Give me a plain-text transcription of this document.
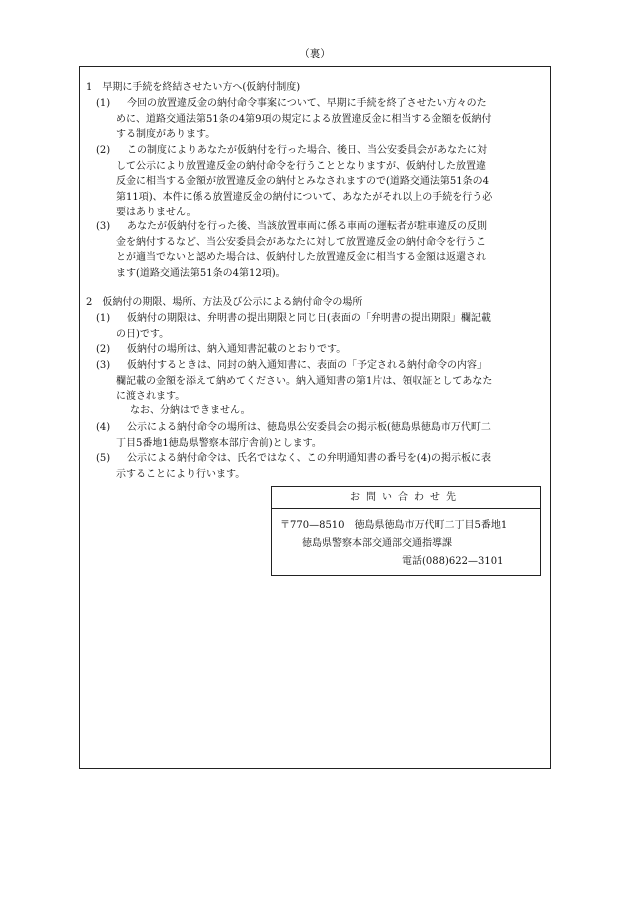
（裏）
1　早期に手続を終結させたい方へ(仮納付制度)
(1)	今回の放置違反金の納付命令事案について、早期に手続を終了させたい方々のた
めに、道路交通法第51条の4第9項の規定による放置違反金に相当する金額を仮納付
する制度があります。
(2)	この制度によりあなたが仮納付を行った場合、後日、当公安委員会があなたに対
して公示により放置違反金の納付命令を行うこととなりますが、仮納付した放置違
反金に相当する金額が放置違反金の納付とみなされますので(道路交通法第51条の4
第11項)、本件に係る放置違反金の納付について、あなたがそれ以上の手続を行う必
要はありません。
(3)	あなたが仮納付を行った後、当該放置車両に係る車両の運転者が駐車違反の反則
金を納付するなど、当公安委員会があなたに対して放置違反金の納付命令を行うこ
とが適当でないと認めた場合は、仮納付した放置違反金に相当する金額は返還され
ます(道路交通法第51条の4第12項)。
2　仮納付の期限、場所、方法及び公示による納付命令の場所
(1)	仮納付の期限は、弁明書の提出期限と同じ日(表面の「弁明書の提出期限」欄記載
の日)です。
(2)	仮納付の場所は、納入通知書記載のとおりです。
(3)	仮納付するときは、同封の納入通知書に、表面の「予定される納付命令の内容」
欄記載の金額を添えて納めてください。納入通知書の第1片は、領収証としてあなた
に渡されます。
なお、分納はできません。
(4)	公示による納付命令の場所は、徳島県公安委員会の掲示板(徳島県徳島市万代町二
丁目5番地1徳島県警察本部庁舎前)とします。
(5)	公示による納付命令は、氏名ではなく、この弁明通知書の番号を(4)の掲示板に表
示することにより行います。
お問い合わせ先
〒770—8510　徳島県徳島市万代町二丁目5番地1
徳島県警察本部交通部交通指導課
電話(088)622—3101
